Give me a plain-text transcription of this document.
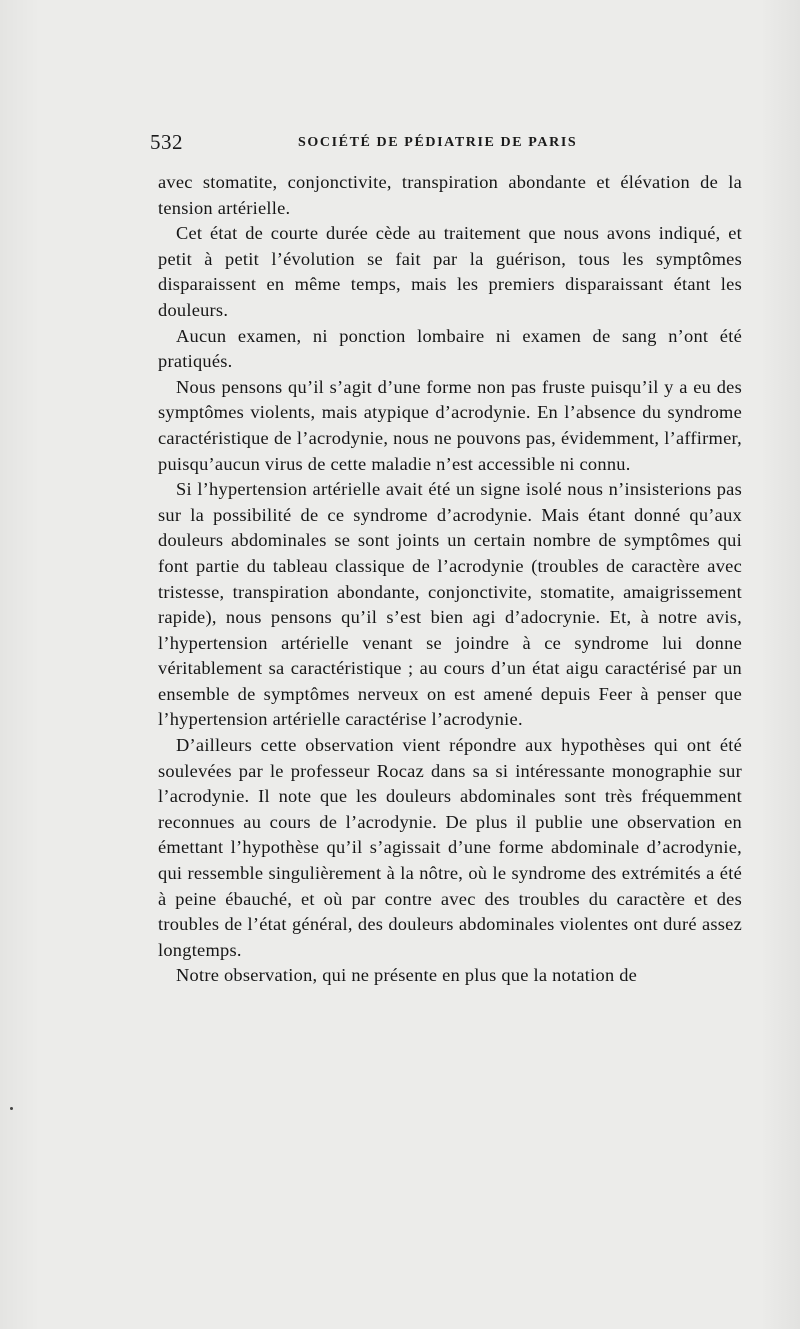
532	SOCIÉTÉ DE PÉDIATRIE DE PARIS

avec stomatite, conjonctivite, transpiration abondante et élévation de la tension artérielle.

Cet état de courte durée cède au traitement que nous avons indiqué, et petit à petit l’évolution se fait par la guérison, tous les symptômes disparaissent en même temps, mais les premiers disparaissant étant les douleurs.

Aucun examen, ni ponction lombaire ni examen de sang n’ont été pratiqués.

Nous pensons qu’il s’agit d’une forme non pas fruste puisqu’il y a eu des symptômes violents, mais atypique d’acrodynie. En l’absence du syndrome caractéristique de l’acrodynie, nous ne pouvons pas, évidemment, l’affirmer, puisqu’aucun virus de cette maladie n’est accessible ni connu.

Si l’hypertension artérielle avait été un signe isolé nous n’insisterions pas sur la possibilité de ce syndrome d’acrodynie. Mais étant donné qu’aux douleurs abdominales se sont joints un certain nombre de symptômes qui font partie du tableau classique de l’acrodynie (troubles de caractère avec tristesse, transpiration abondante, conjonctivite, stomatite, amaigrissement rapide), nous pensons qu’il s’est bien agi d’adocrynie. Et, à notre avis, l’hypertension artérielle venant se joindre à ce syndrome lui donne véritablement sa caractéristique ; au cours d’un état aigu caractérisé par un ensemble de symptômes nerveux on est amené depuis Feer à penser que l’hypertension artérielle caractérise l’acrodynie.

D’ailleurs cette observation vient répondre aux hypothèses qui ont été soulevées par le professeur Rocaz dans sa si intéressante monographie sur l’acrodynie. Il note que les douleurs abdominales sont très fréquemment reconnues au cours de l’acrodynie. De plus il publie une observation en émettant l’hypothèse qu’il s’agissait d’une forme abdominale d’acrodynie, qui ressemble singulièrement à la nôtre, où le syndrome des extrémités a été à peine ébauché, et où par contre avec des troubles du caractère et des troubles de l’état général, des douleurs abdominales violentes ont duré assez longtemps.

Notre observation, qui ne présente en plus que la notation de
